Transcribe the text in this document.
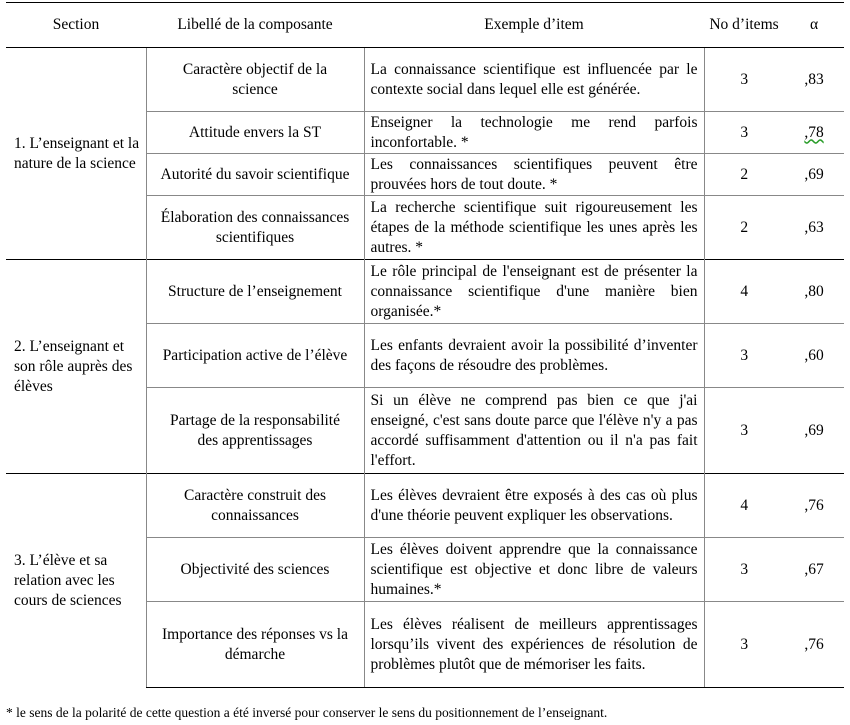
Section	Libellé de la composante	Exemple d’item	No d’items	α
1. L’enseignant et la nature de la science	Caractère objectif de la science	La connaissance scientifique est influencée par le contexte social dans lequel elle est générée.	3	,83
	Attitude envers la ST	Enseigner la technologie me rend parfois inconfortable. *	3	,78
	Autorité du savoir scientifique	Les connaissances scientifiques peuvent être prouvées hors de tout doute. *	2	,69
	Élaboration des connaissances scientifiques	La recherche scientifique suit rigoureusement les étapes de la méthode scientifique les unes après les autres. *	2	,63
2. L’enseignant et son rôle auprès des élèves	Structure de l’enseignement	Le rôle principal de l'enseignant est de présenter la connaissance scientifique d'une manière bien organisée.*	4	,80
	Participation active de l’élève	Les enfants devraient avoir la possibilité d’inventer des façons de résoudre des problèmes.	3	,60
	Partage de la responsabilité des apprentissages	Si un élève ne comprend pas bien ce que j'ai enseigné, c'est sans doute parce que l'élève n'y a pas accordé suffisamment d'attention ou il n'a pas fait l'effort.	3	,69
3. L’élève et sa relation avec les cours de sciences	Caractère construit des connaissances	Les élèves devraient être exposés à des cas où plus d'une théorie peuvent expliquer les observations.	4	,76
	Objectivité des sciences	Les élèves doivent apprendre que la connaissance scientifique est objective et donc libre de valeurs humaines.*	3	,67
	Importance des réponses vs la démarche	Les élèves réalisent de meilleurs apprentissages lorsqu’ils vivent des expériences de résolution de problèmes plutôt que de mémoriser les faits.	3	,76
* le sens de la polarité de cette question a été inversé pour conserver le sens du positionnement de l’enseignant.
